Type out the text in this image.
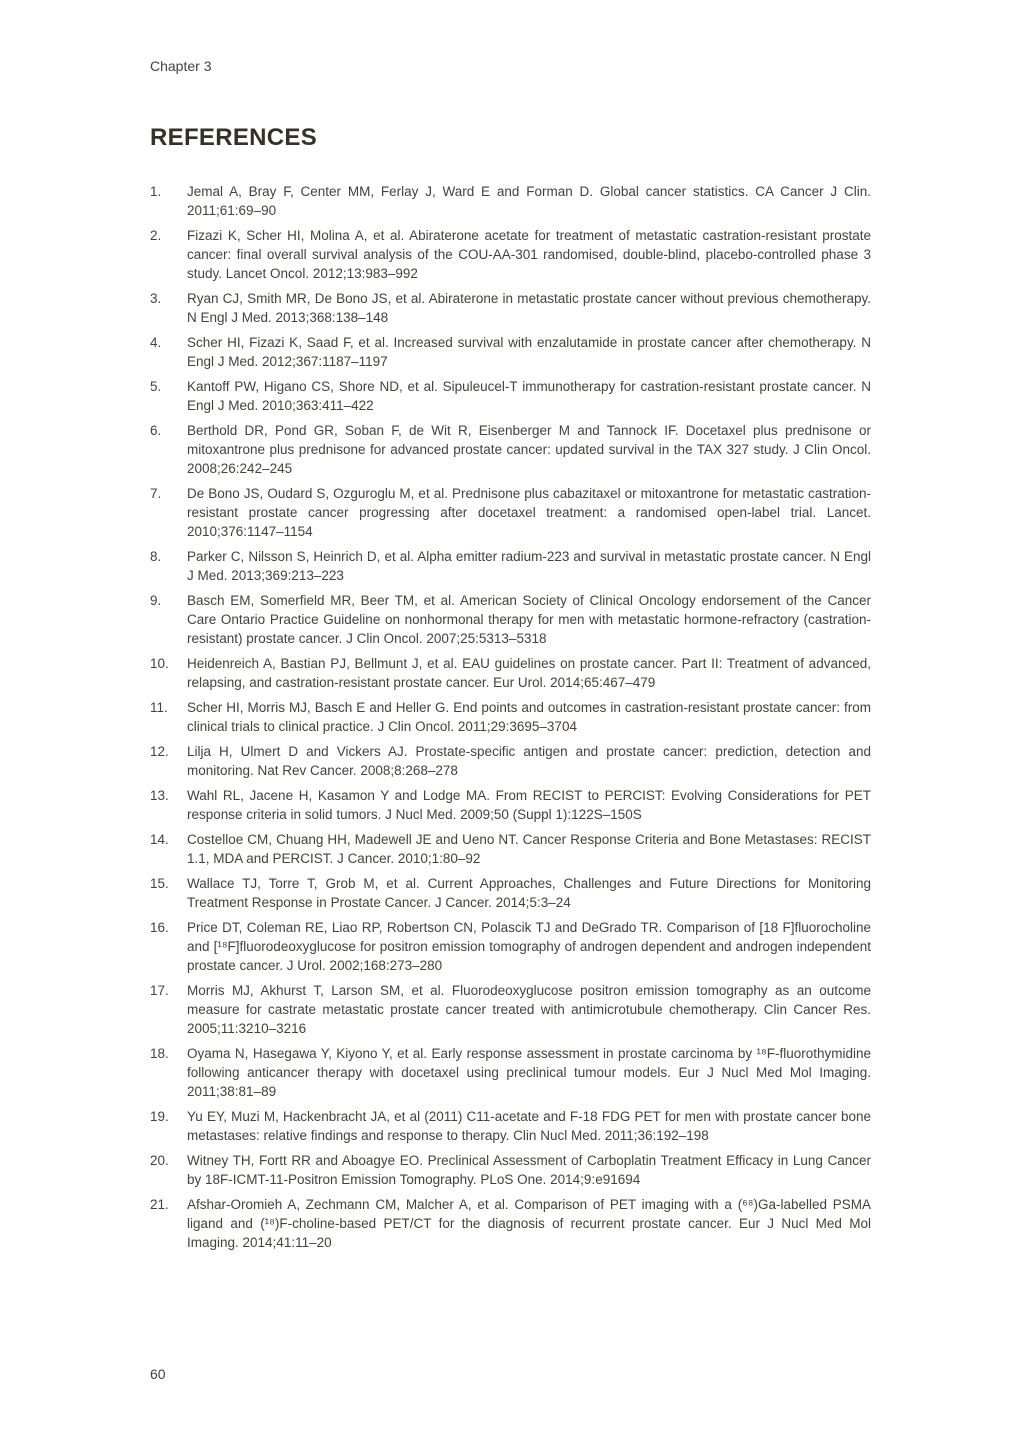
Chapter 3
REFERENCES
1.	Jemal A, Bray F, Center MM, Ferlay J, Ward E and Forman D. Global cancer statistics. CA Cancer J Clin. 2011;61:69–90
2.	Fizazi K, Scher HI, Molina A, et al. Abiraterone acetate for treatment of metastatic castration-resistant prostate cancer: final overall survival analysis of the COU-AA-301 randomised, double-blind, placebo-controlled phase 3 study. Lancet Oncol. 2012;13:983–992
3.	Ryan CJ, Smith MR, De Bono JS, et al. Abiraterone in metastatic prostate cancer without previous chemotherapy. N Engl J Med. 2013;368:138–148
4.	Scher HI, Fizazi K, Saad F, et al. Increased survival with enzalutamide in prostate cancer after chemotherapy. N Engl J Med. 2012;367:1187–1197
5.	Kantoff PW, Higano CS, Shore ND, et al. Sipuleucel-T immunotherapy for castration-resistant prostate cancer. N Engl J Med. 2010;363:411–422
6.	Berthold DR, Pond GR, Soban F, de Wit R, Eisenberger M and Tannock IF. Docetaxel plus prednisone or mitoxantrone plus prednisone for advanced prostate cancer: updated survival in the TAX 327 study. J Clin Oncol. 2008;26:242–245
7.	De Bono JS, Oudard S, Ozguroglu M, et al. Prednisone plus cabazitaxel or mitoxantrone for metastatic castration-resistant prostate cancer progressing after docetaxel treatment: a randomised open-label trial. Lancet. 2010;376:1147–1154
8.	Parker C, Nilsson S, Heinrich D, et al. Alpha emitter radium-223 and survival in metastatic prostate cancer. N Engl J Med. 2013;369:213–223
9.	Basch EM, Somerfield MR, Beer TM, et al. American Society of Clinical Oncology endorsement of the Cancer Care Ontario Practice Guideline on nonhormonal therapy for men with metastatic hormone-refractory (castration-resistant) prostate cancer. J Clin Oncol. 2007;25:5313–5318
10.	Heidenreich A, Bastian PJ, Bellmunt J, et al. EAU guidelines on prostate cancer. Part II: Treatment of advanced, relapsing, and castration-resistant prostate cancer. Eur Urol. 2014;65:467–479
11.	Scher HI, Morris MJ, Basch E and Heller G. End points and outcomes in castration-resistant prostate cancer: from clinical trials to clinical practice. J Clin Oncol. 2011;29:3695–3704
12.	Lilja H, Ulmert D and Vickers AJ. Prostate-specific antigen and prostate cancer: prediction, detection and monitoring. Nat Rev Cancer. 2008;8:268–278
13.	Wahl RL, Jacene H, Kasamon Y and Lodge MA. From RECIST to PERCIST: Evolving Considerations for PET response criteria in solid tumors. J Nucl Med. 2009;50 (Suppl 1):122S–150S
14.	Costelloe CM, Chuang HH, Madewell JE and Ueno NT. Cancer Response Criteria and Bone Metastases: RECIST 1.1, MDA and PERCIST. J Cancer. 2010;1:80–92
15.	Wallace TJ, Torre T, Grob M, et al. Current Approaches, Challenges and Future Directions for Monitoring Treatment Response in Prostate Cancer. J Cancer. 2014;5:3–24
16.	Price DT, Coleman RE, Liao RP, Robertson CN, Polascik TJ and DeGrado TR. Comparison of [18 F]fluorocholine and [¹⁸F]fluorodeoxyglucose for positron emission tomography of androgen dependent and androgen independent prostate cancer. J Urol. 2002;168:273–280
17.	Morris MJ, Akhurst T, Larson SM, et al. Fluorodeoxyglucose positron emission tomography as an outcome measure for castrate metastatic prostate cancer treated with antimicrotubule chemotherapy. Clin Cancer Res. 2005;11:3210–3216
18.	Oyama N, Hasegawa Y, Kiyono Y, et al. Early response assessment in prostate carcinoma by ¹⁸F-fluorothymidine following anticancer therapy with docetaxel using preclinical tumour models. Eur J Nucl Med Mol Imaging. 2011;38:81–89
19.	Yu EY, Muzi M, Hackenbracht JA, et al (2011) C11-acetate and F-18 FDG PET for men with prostate cancer bone metastases: relative findings and response to therapy. Clin Nucl Med. 2011;36:192–198
20.	Witney TH, Fortt RR and Aboagye EO. Preclinical Assessment of Carboplatin Treatment Efficacy in Lung Cancer by 18F-ICMT-11-Positron Emission Tomography. PLoS One. 2014;9:e91694
21.	Afshar-Oromieh A, Zechmann CM, Malcher A, et al. Comparison of PET imaging with a (⁶⁸)Ga-labelled PSMA ligand and (¹⁸)F-choline-based PET/CT for the diagnosis of recurrent prostate cancer. Eur J Nucl Med Mol Imaging. 2014;41:11–20
60
